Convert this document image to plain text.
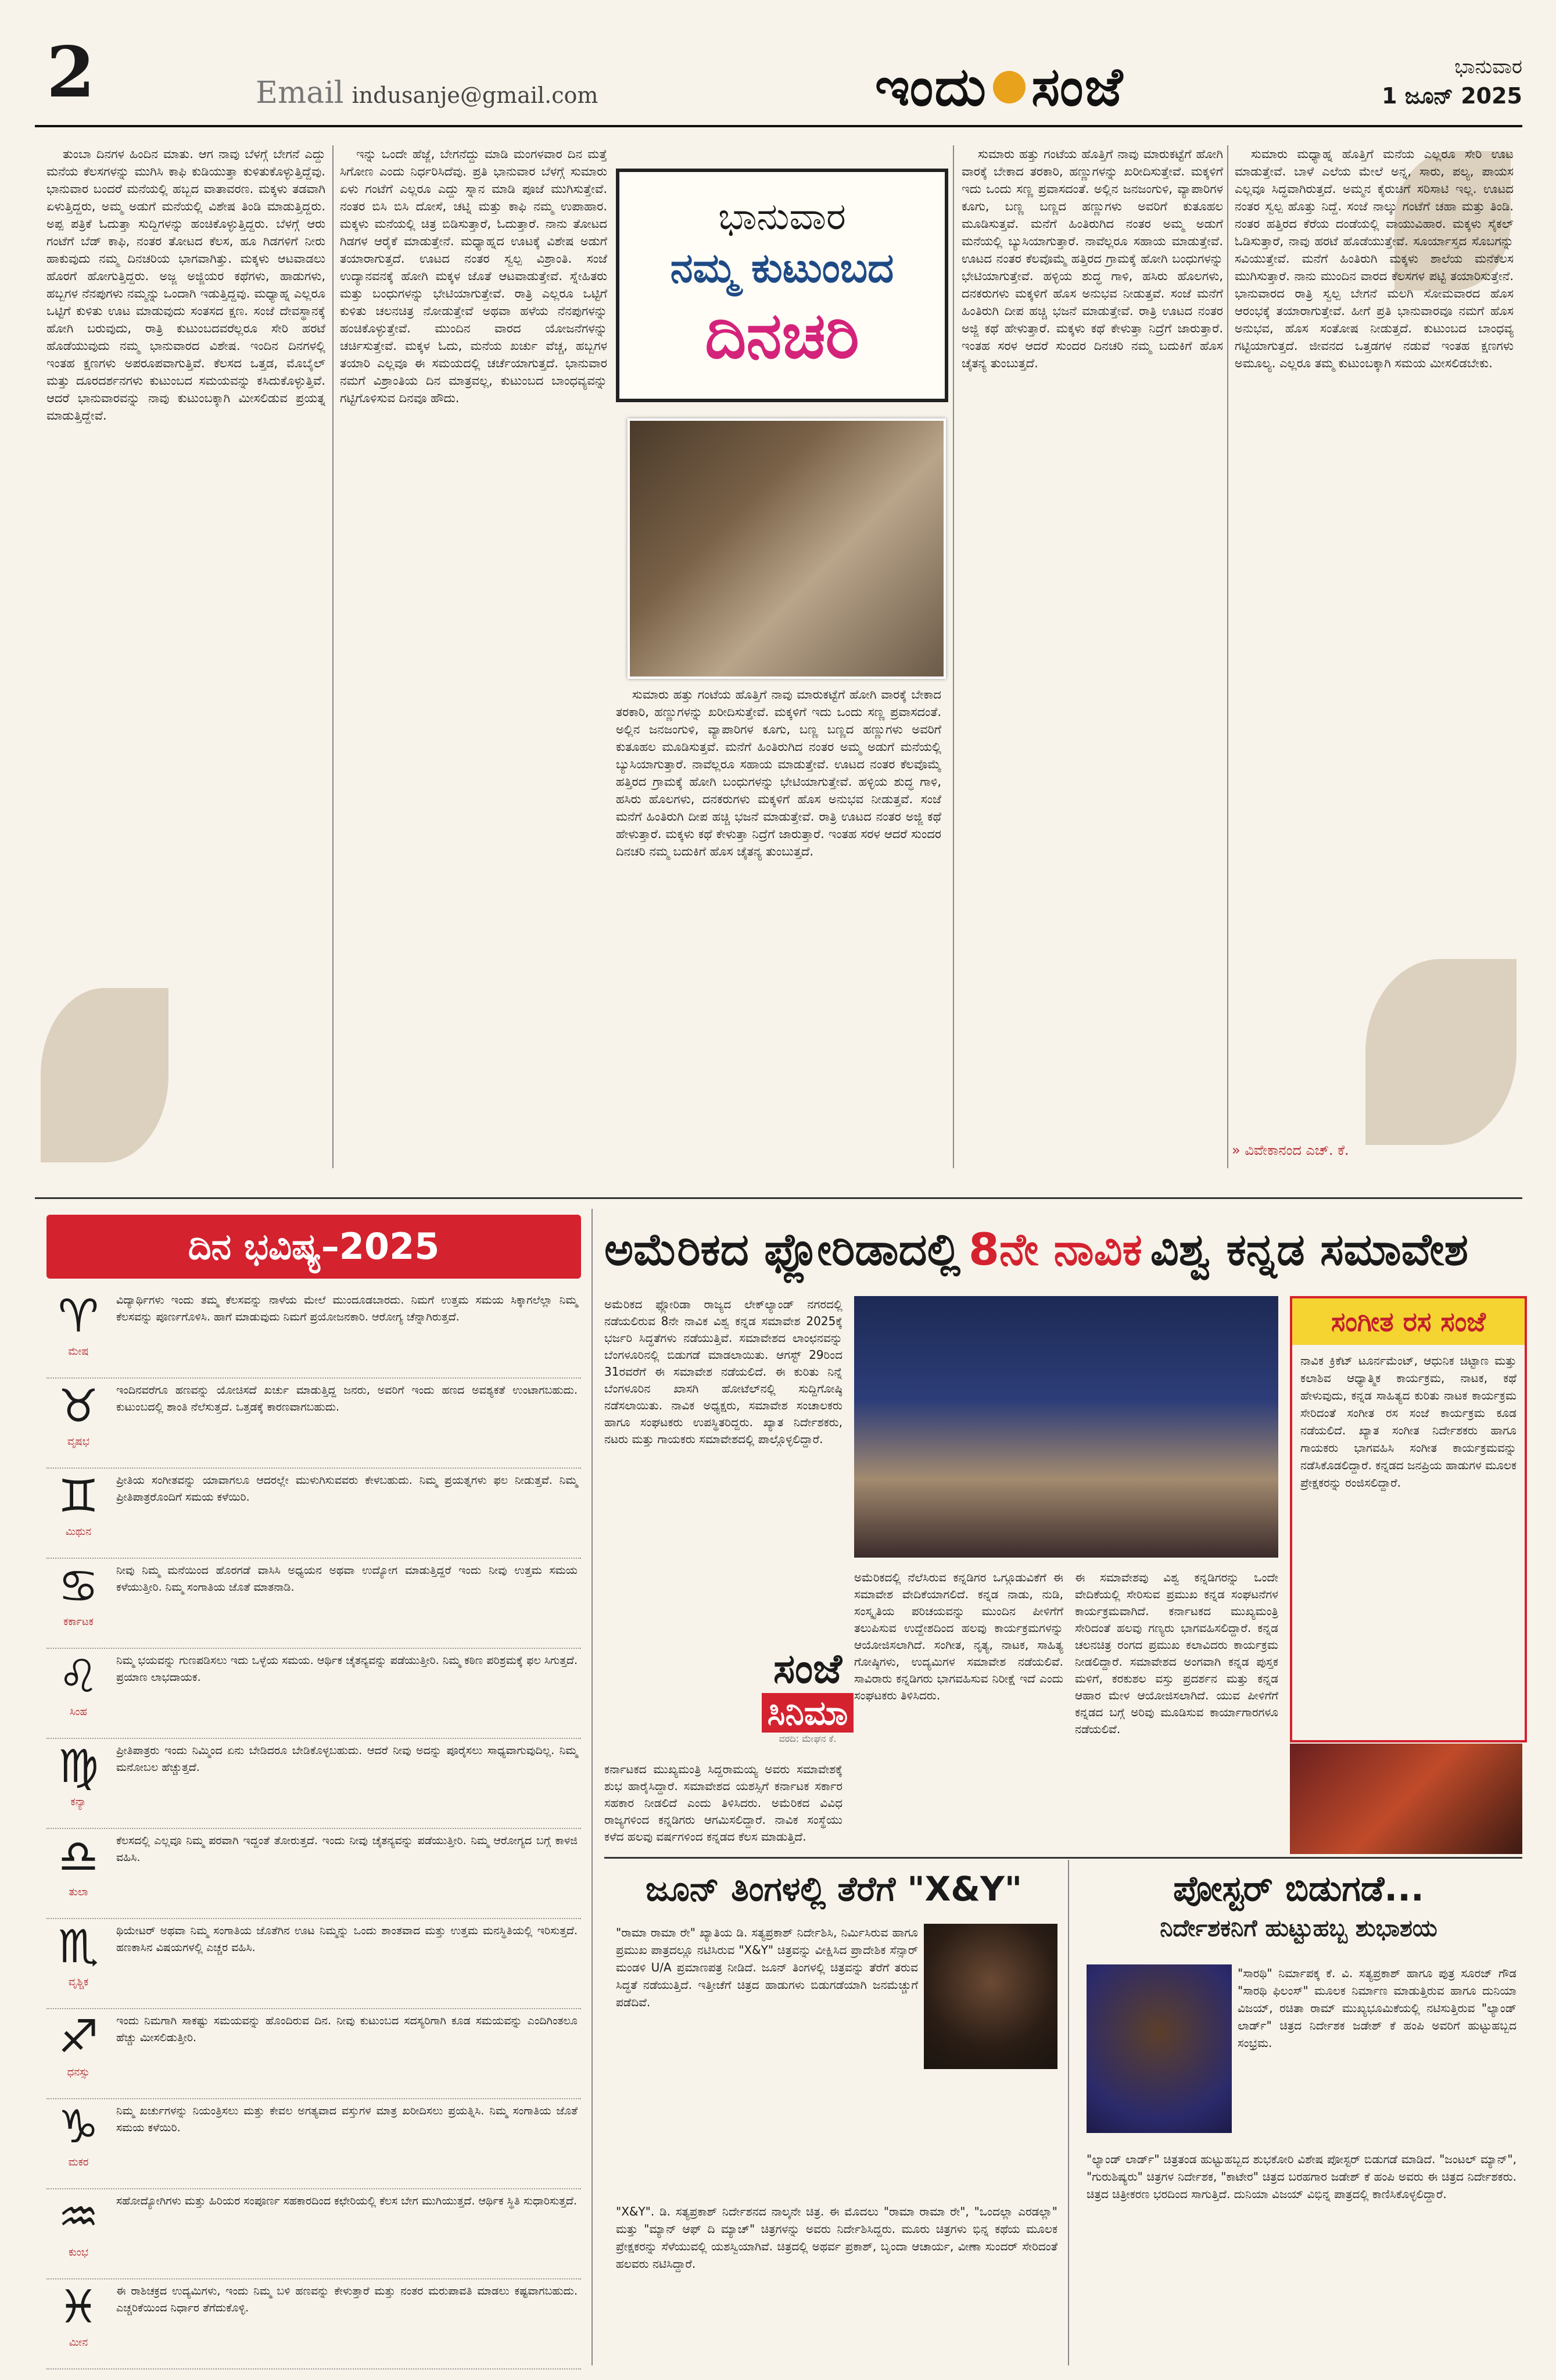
2	Email indusanje@gmail.com	ಇಂದು ಸಂಜೆ	ಭಾನುವಾರ
1 ಜೂನ್ 2025

ತುಂಬಾ ದಿನಗಳ ಹಿಂದಿನ ಮಾತು. ಆಗ ನಾವು ಬೆಳಗ್ಗೆ ಬೇಗನೆ ಎದ್ದು ಮನೆಯ ಕೆಲಸಗಳನ್ನು ಮುಗಿಸಿ ಕಾಫಿ ಕುಡಿಯುತ್ತಾ ಕುಳಿತುಕೊಳ್ಳುತ್ತಿದ್ದೆವು. ಭಾನುವಾರ ಬಂದರೆ ಮನೆಯಲ್ಲಿ ಹಬ್ಬದ ವಾತಾವರಣ. ಮಕ್ಕಳು ತಡವಾಗಿ ಏಳುತ್ತಿದ್ದರು, ಅಮ್ಮ ಅಡುಗೆ ಮನೆಯಲ್ಲಿ ವಿಶೇಷ ತಿಂಡಿ ಮಾಡುತ್ತಿದ್ದರು. ಅಪ್ಪ ಪತ್ರಿಕೆ ಓದುತ್ತಾ ಸುದ್ದಿಗಳನ್ನು ಹಂಚಿಕೊಳ್ಳುತ್ತಿದ್ದರು. ಬೆಳಗ್ಗೆ ಆರು ಗಂಟೆಗೆ ಬೆಡ್ ಕಾಫಿ, ನಂತರ ತೋಟದ ಕೆಲಸ, ಹೂ ಗಿಡಗಳಿಗೆ ನೀರು ಹಾಕುವುದು ನಮ್ಮ ದಿನಚರಿಯ ಭಾಗವಾಗಿತ್ತು. ಮಕ್ಕಳು ಆಟವಾಡಲು ಹೊರಗೆ ಹೋಗುತ್ತಿದ್ದರು. ಅಜ್ಜ ಅಜ್ಜಿಯರ ಕಥೆಗಳು, ಹಾಡುಗಳು, ಹಬ್ಬಗಳ ನೆನಪುಗಳು ನಮ್ಮನ್ನು ಒಂದಾಗಿ ಇಡುತ್ತಿದ್ದವು. ಮಧ್ಯಾಹ್ನ ಎಲ್ಲರೂ ಒಟ್ಟಿಗೆ ಕುಳಿತು ಊಟ ಮಾಡುವುದು ಸಂತಸದ ಕ್ಷಣ. ಸಂಜೆ ದೇವಸ್ಥಾನಕ್ಕೆ ಹೋಗಿ ಬರುವುದು, ರಾತ್ರಿ ಕುಟುಂಬದವರೆಲ್ಲರೂ ಸೇರಿ ಹರಟೆ ಹೊಡೆಯುವುದು ನಮ್ಮ ಭಾನುವಾರದ ವಿಶೇಷ. ಇಂದಿನ ದಿನಗಳಲ್ಲಿ ಇಂತಹ ಕ್ಷಣಗಳು ಅಪರೂಪವಾಗುತ್ತಿವೆ. ಕೆಲಸದ ಒತ್ತಡ, ಮೊಬೈಲ್ ಮತ್ತು ದೂರದರ್ಶನಗಳು ಕುಟುಂಬದ ಸಮಯವನ್ನು ಕಸಿದುಕೊಳ್ಳುತ್ತಿವೆ. ಆದರೆ ಭಾನುವಾರವನ್ನು ನಾವು ಕುಟುಂಬಕ್ಕಾಗಿ ಮೀಸಲಿಡುವ ಪ್ರಯತ್ನ ಮಾಡುತ್ತಿದ್ದೇವೆ.

ಇನ್ನು ಒಂದೇ ಹೆಜ್ಜೆ, ಬೇಗನೆದ್ದು ಮಾಡಿ ಮಂಗಳವಾರ ದಿನ ಮತ್ತೆ ಸಿಗೋಣ ಎಂದು ನಿರ್ಧರಿಸಿದೆವು. ಪ್ರತಿ ಭಾನುವಾರ ಬೆಳಗ್ಗೆ ಸುಮಾರು ಏಳು ಗಂಟೆಗೆ ಎಲ್ಲರೂ ಎದ್ದು ಸ್ನಾನ ಮಾಡಿ ಪೂಜೆ ಮುಗಿಸುತ್ತೇವೆ. ನಂತರ ಬಿಸಿ ಬಿಸಿ ದೋಸೆ, ಚಟ್ನಿ ಮತ್ತು ಕಾಫಿ ನಮ್ಮ ಉಪಾಹಾರ. ಮಕ್ಕಳು ಮನೆಯಲ್ಲಿ ಚಿತ್ರ ಬಿಡಿಸುತ್ತಾರೆ, ಓದುತ್ತಾರೆ. ನಾನು ತೋಟದ ಗಿಡಗಳ ಆರೈಕೆ ಮಾಡುತ್ತೇನೆ. ಮಧ್ಯಾಹ್ನದ ಊಟಕ್ಕೆ ವಿಶೇಷ ಅಡುಗೆ ತಯಾರಾಗುತ್ತದೆ. ಊಟದ ನಂತರ ಸ್ವಲ್ಪ ವಿಶ್ರಾಂತಿ. ಸಂಜೆ ಉದ್ಯಾನವನಕ್ಕೆ ಹೋಗಿ ಮಕ್ಕಳ ಜೊತೆ ಆಟವಾಡುತ್ತೇವೆ. ಸ್ನೇಹಿತರು ಮತ್ತು ಬಂಧುಗಳನ್ನು ಭೇಟಿಯಾಗುತ್ತೇವೆ. ರಾತ್ರಿ ಎಲ್ಲರೂ ಒಟ್ಟಿಗೆ ಕುಳಿತು ಚಲನಚಿತ್ರ ನೋಡುತ್ತೇವೆ ಅಥವಾ ಹಳೆಯ ನೆನಪುಗಳನ್ನು ಹಂಚಿಕೊಳ್ಳುತ್ತೇವೆ. ಮುಂದಿನ ವಾರದ ಯೋಜನೆಗಳನ್ನು ಚರ್ಚಿಸುತ್ತೇವೆ. ಮಕ್ಕಳ ಓದು, ಮನೆಯ ಖರ್ಚು ವೆಚ್ಚ, ಹಬ್ಬಗಳ ತಯಾರಿ ಎಲ್ಲವೂ ಈ ಸಮಯದಲ್ಲಿ ಚರ್ಚೆಯಾಗುತ್ತದೆ. ಭಾನುವಾರ ನಮಗೆ ವಿಶ್ರಾಂತಿಯ ದಿನ ಮಾತ್ರವಲ್ಲ, ಕುಟುಂಬದ ಬಾಂಧವ್ಯವನ್ನು ಗಟ್ಟಿಗೊಳಿಸುವ ದಿನವೂ ಹೌದು.

ಭಾನುವಾರ
ನಮ್ಮ ಕುಟುಂಬದ
ದಿನಚರಿ

ಸುಮಾರು ಹತ್ತು ಗಂಟೆಯ ಹೊತ್ತಿಗೆ ನಾವು ಮಾರುಕಟ್ಟೆಗೆ ಹೋಗಿ ವಾರಕ್ಕೆ ಬೇಕಾದ ತರಕಾರಿ, ಹಣ್ಣುಗಳನ್ನು ಖರೀದಿಸುತ್ತೇವೆ. ಮಕ್ಕಳಿಗೆ ಇದು ಒಂದು ಸಣ್ಣ ಪ್ರವಾಸದಂತೆ. ಅಲ್ಲಿನ ಜನಜಂಗುಳಿ, ವ್ಯಾಪಾರಿಗಳ ಕೂಗು, ಬಣ್ಣ ಬಣ್ಣದ ಹಣ್ಣುಗಳು ಅವರಿಗೆ ಕುತೂಹಲ ಮೂಡಿಸುತ್ತವೆ. ಮನೆಗೆ ಹಿಂತಿರುಗಿದ ನಂತರ ಅಮ್ಮ ಅಡುಗೆ ಮನೆಯಲ್ಲಿ ಬ್ಯುಸಿಯಾಗುತ್ತಾರೆ. ನಾವೆಲ್ಲರೂ ಸಹಾಯ ಮಾಡುತ್ತೇವೆ. ಊಟದ ನಂತರ ಕೆಲವೊಮ್ಮೆ ಹತ್ತಿರದ ಗ್ರಾಮಕ್ಕೆ ಹೋಗಿ ಬಂಧುಗಳನ್ನು ಭೇಟಿಯಾಗುತ್ತೇವೆ. ಹಳ್ಳಿಯ ಶುದ್ಧ ಗಾಳಿ, ಹಸಿರು ಹೊಲಗಳು, ದನಕರುಗಳು ಮಕ್ಕಳಿಗೆ ಹೊಸ ಅನುಭವ ನೀಡುತ್ತವೆ. ಸಂಜೆ ಮನೆಗೆ ಹಿಂತಿರುಗಿ ದೀಪ ಹಚ್ಚಿ ಭಜನೆ ಮಾಡುತ್ತೇವೆ. ರಾತ್ರಿ ಊಟದ ನಂತರ ಅಜ್ಜಿ ಕಥೆ ಹೇಳುತ್ತಾರೆ. ಮಕ್ಕಳು ಕಥೆ ಕೇಳುತ್ತಾ ನಿದ್ರೆಗೆ ಜಾರುತ್ತಾರೆ. ಇಂತಹ ಸರಳ ಆದರೆ ಸುಂದರ ದಿನಚರಿ ನಮ್ಮ ಬದುಕಿಗೆ ಹೊಸ ಚೈತನ್ಯ ತುಂಬುತ್ತದೆ.

ಸುಮಾರು ಹತ್ತು ಗಂಟೆಯ ಹೊತ್ತಿಗೆ ನಾವು ಮಾರುಕಟ್ಟೆಗೆ ಹೋಗಿ ವಾರಕ್ಕೆ ಬೇಕಾದ ತರಕಾರಿ, ಹಣ್ಣುಗಳನ್ನು ಖರೀದಿಸುತ್ತೇವೆ. ಮಕ್ಕಳಿಗೆ ಇದು ಒಂದು ಸಣ್ಣ ಪ್ರವಾಸದಂತೆ. ಅಲ್ಲಿನ ಜನಜಂಗುಳಿ, ವ್ಯಾಪಾರಿಗಳ ಕೂಗು, ಬಣ್ಣ ಬಣ್ಣದ ಹಣ್ಣುಗಳು ಅವರಿಗೆ ಕುತೂಹಲ ಮೂಡಿಸುತ್ತವೆ. ಮನೆಗೆ ಹಿಂತಿರುಗಿದ ನಂತರ ಅಮ್ಮ ಅಡುಗೆ ಮನೆಯಲ್ಲಿ ಬ್ಯುಸಿಯಾಗುತ್ತಾರೆ. ನಾವೆಲ್ಲರೂ ಸಹಾಯ ಮಾಡುತ್ತೇವೆ. ಊಟದ ನಂತರ ಕೆಲವೊಮ್ಮೆ ಹತ್ತಿರದ ಗ್ರಾಮಕ್ಕೆ ಹೋಗಿ ಬಂಧುಗಳನ್ನು ಭೇಟಿಯಾಗುತ್ತೇವೆ. ಹಳ್ಳಿಯ ಶುದ್ಧ ಗಾಳಿ, ಹಸಿರು ಹೊಲಗಳು, ದನಕರುಗಳು ಮಕ್ಕಳಿಗೆ ಹೊಸ ಅನುಭವ ನೀಡುತ್ತವೆ. ಸಂಜೆ ಮನೆಗೆ ಹಿಂತಿರುಗಿ ದೀಪ ಹಚ್ಚಿ ಭಜನೆ ಮಾಡುತ್ತೇವೆ. ರಾತ್ರಿ ಊಟದ ನಂತರ ಅಜ್ಜಿ ಕಥೆ ಹೇಳುತ್ತಾರೆ. ಮಕ್ಕಳು ಕಥೆ ಕೇಳುತ್ತಾ ನಿದ್ರೆಗೆ ಜಾರುತ್ತಾರೆ. ಇಂತಹ ಸರಳ ಆದರೆ ಸುಂದರ ದಿನಚರಿ ನಮ್ಮ ಬದುಕಿಗೆ ಹೊಸ ಚೈತನ್ಯ ತುಂಬುತ್ತದೆ.

ಸುಮಾರು ಮಧ್ಯಾಹ್ನ ಹೊತ್ತಿಗೆ ಮನೆಯ ಎಲ್ಲರೂ ಸೇರಿ ಊಟ ಮಾಡುತ್ತೇವೆ. ಬಾಳೆ ಎಲೆಯ ಮೇಲೆ ಅನ್ನ, ಸಾರು, ಪಲ್ಯ, ಪಾಯಸ ಎಲ್ಲವೂ ಸಿದ್ಧವಾಗಿರುತ್ತದೆ. ಅಮ್ಮನ ಕೈರುಚಿಗೆ ಸರಿಸಾಟಿ ಇಲ್ಲ. ಊಟದ ನಂತರ ಸ್ವಲ್ಪ ಹೊತ್ತು ನಿದ್ದೆ. ಸಂಜೆ ನಾಲ್ಕು ಗಂಟೆಗೆ ಚಹಾ ಮತ್ತು ತಿಂಡಿ. ನಂತರ ಹತ್ತಿರದ ಕೆರೆಯ ದಂಡೆಯಲ್ಲಿ ವಾಯುವಿಹಾರ. ಮಕ್ಕಳು ಸೈಕಲ್ ಓಡಿಸುತ್ತಾರೆ, ನಾವು ಹರಟೆ ಹೊಡೆಯುತ್ತೇವೆ. ಸೂರ್ಯಾಸ್ತದ ಸೊಬಗನ್ನು ಸವಿಯುತ್ತೇವೆ. ಮನೆಗೆ ಹಿಂತಿರುಗಿ ಮಕ್ಕಳು ಶಾಲೆಯ ಮನೆಕೆಲಸ ಮುಗಿಸುತ್ತಾರೆ. ನಾನು ಮುಂದಿನ ವಾರದ ಕೆಲಸಗಳ ಪಟ್ಟಿ ತಯಾರಿಸುತ್ತೇನೆ. ಭಾನುವಾರದ ರಾತ್ರಿ ಸ್ವಲ್ಪ ಬೇಗನೆ ಮಲಗಿ ಸೋಮವಾರದ ಹೊಸ ಆರಂಭಕ್ಕೆ ತಯಾರಾಗುತ್ತೇವೆ. ಹೀಗೆ ಪ್ರತಿ ಭಾನುವಾರವೂ ನಮಗೆ ಹೊಸ ಅನುಭವ, ಹೊಸ ಸಂತೋಷ ನೀಡುತ್ತದೆ. ಕುಟುಂಬದ ಬಾಂಧವ್ಯ ಗಟ್ಟಿಯಾಗುತ್ತದೆ. ಜೀವನದ ಒತ್ತಡಗಳ ನಡುವೆ ಇಂತಹ ಕ್ಷಣಗಳು ಅಮೂಲ್ಯ. ಎಲ್ಲರೂ ತಮ್ಮ ಕುಟುಂಬಕ್ಕಾಗಿ ಸಮಯ ಮೀಸಲಿಡಬೇಕು.

» ವಿವೇಕಾನಂದ ಎಚ್. ಕೆ.
ದಿನ ಭವಿಷ್ಯ–2025
♈
ಮೇಷ
ವಿದ್ಯಾರ್ಥಿಗಳು ಇಂದು ತಮ್ಮ ಕೆಲಸವನ್ನು ನಾಳೆಯ ಮೇಲೆ ಮುಂದೂಡಬಾರದು. ನಿಮಗೆ ಉತ್ತಮ ಸಮಯ ಸಿಕ್ಕಾಗಲೆಲ್ಲಾ ನಿಮ್ಮ ಕೆಲಸವನ್ನು ಪೂರ್ಣಗೊಳಿಸಿ. ಹಾಗೆ ಮಾಡುವುದು ನಿಮಗೆ ಪ್ರಯೋಜನಕಾರಿ. ಆರೋಗ್ಯ ಚೆನ್ನಾಗಿರುತ್ತದೆ.
♉
ವೃಷಭ
ಇಂದಿನವರೆಗೂ ಹಣವನ್ನು ಯೋಚಿಸದೆ ಖರ್ಚು ಮಾಡುತ್ತಿದ್ದ ಜನರು, ಅವರಿಗೆ ಇಂದು ಹಣದ ಅವಶ್ಯಕತೆ ಉಂಟಾಗಬಹುದು. ಕುಟುಂಬದಲ್ಲಿ ಶಾಂತಿ ನೆಲೆಸುತ್ತದೆ. ಒತ್ತಡಕ್ಕೆ ಕಾರಣವಾಗಬಹುದು.
♊
ಮಿಥುನ
ಪ್ರೀತಿಯ ಸಂಗೀತವನ್ನು ಯಾವಾಗಲೂ ಆದರಲ್ಲೇ ಮುಳುಗಿಸುವವರು ಕೇಳಬಹುದು. ನಿಮ್ಮ ಪ್ರಯತ್ನಗಳು ಫಲ ನೀಡುತ್ತವೆ. ನಿಮ್ಮ ಪ್ರೀತಿಪಾತ್ರರೊಂದಿಗೆ ಸಮಯ ಕಳೆಯಿರಿ.
♋
ಕರ್ಕಾಟಕ
ನೀವು ನಿಮ್ಮ ಮನೆಯಿಂದ ಹೊರಗಡೆ ವಾಸಿಸಿ ಅಧ್ಯಯನ ಅಥವಾ ಉದ್ಯೋಗ ಮಾಡುತ್ತಿದ್ದರೆ ಇಂದು ನೀವು ಉತ್ತಮ ಸಮಯ ಕಳೆಯುತ್ತೀರಿ. ನಿಮ್ಮ ಸಂಗಾತಿಯ ಜೊತೆ ಮಾತನಾಡಿ.
♌
ಸಿಂಹ
ನಿಮ್ಮ ಭಯವನ್ನು ಗುಣಪಡಿಸಲು ಇದು ಒಳ್ಳೆಯ ಸಮಯ. ಆರ್ಥಿಕ ಚೈತನ್ಯವನ್ನು ಪಡೆಯುತ್ತೀರಿ. ನಿಮ್ಮ ಕಠಿಣ ಪರಿಶ್ರಮಕ್ಕೆ ಫಲ ಸಿಗುತ್ತದೆ. ಪ್ರಯಾಣ ಲಾಭದಾಯಕ.
♍
ಕನ್ಯಾ
ಪ್ರೀತಿಪಾತ್ರರು ಇಂದು ನಿಮ್ಮಿಂದ ಏನು ಬೇಡಿದರೂ ಬೇಡಿಕೊಳ್ಳಬಹುದು. ಆದರೆ ನೀವು ಅದನ್ನು ಪೂರೈಸಲು ಸಾಧ್ಯವಾಗುವುದಿಲ್ಲ. ನಿಮ್ಮ ಮನೋಬಲ ಹೆಚ್ಚುತ್ತದೆ.
♎
ತುಲಾ
ಕೆಲಸದಲ್ಲಿ ಎಲ್ಲವೂ ನಿಮ್ಮ ಪರವಾಗಿ ಇದ್ದಂತೆ ತೋರುತ್ತದೆ. ಇಂದು ನೀವು ಚೈತನ್ಯವನ್ನು ಪಡೆಯುತ್ತೀರಿ. ನಿಮ್ಮ ಆರೋಗ್ಯದ ಬಗ್ಗೆ ಕಾಳಜಿ ವಹಿಸಿ.
♏
ವೃಶ್ಚಿಕ
ಥಿಯೇಟರ್ ಅಥವಾ ನಿಮ್ಮ ಸಂಗಾತಿಯ ಜೊತೆಗಿನ ಊಟ ನಿಮ್ಮನ್ನು ಒಂದು ಶಾಂತವಾದ ಮತ್ತು ಉತ್ತಮ ಮನಸ್ಥಿತಿಯಲ್ಲಿ ಇರಿಸುತ್ತದೆ. ಹಣಕಾಸಿನ ವಿಷಯಗಳಲ್ಲಿ ಎಚ್ಚರ ವಹಿಸಿ.
♐
ಧನಸ್ಸು
ಇಂದು ನಿಮಗಾಗಿ ಸಾಕಷ್ಟು ಸಮಯವನ್ನು ಹೊಂದಿರುವ ದಿನ. ನೀವು ಕುಟುಂಬದ ಸದಸ್ಯರಿಗಾಗಿ ಕೂಡ ಸಮಯವನ್ನು ಎಂದಿಗಿಂತಲೂ ಹೆಚ್ಚು ಮೀಸಲಿಡುತ್ತೀರಿ.
♑
ಮಕರ
ನಿಮ್ಮ ಖರ್ಚುಗಳನ್ನು ನಿಯಂತ್ರಿಸಲು ಮತ್ತು ಕೇವಲ ಅಗತ್ಯವಾದ ವಸ್ತುಗಳ ಮಾತ್ರ ಖರೀದಿಸಲು ಪ್ರಯತ್ನಿಸಿ. ನಿಮ್ಮ ಸಂಗಾತಿಯ ಜೊತೆ ಸಮಯ ಕಳೆಯಿರಿ.
♒
ಕುಂಭ
ಸಹೋದ್ಯೋಗಿಗಳು ಮತ್ತು ಹಿರಿಯರ ಸಂಪೂರ್ಣ ಸಹಕಾರದಿಂದ ಕಛೇರಿಯಲ್ಲಿ ಕೆಲಸ ಬೇಗ ಮುಗಿಯುತ್ತದೆ. ಆರ್ಥಿಕ ಸ್ಥಿತಿ ಸುಧಾರಿಸುತ್ತದೆ.
♓
ಮೀನ
ಈ ರಾಶಿಚಕ್ರದ ಉದ್ಯಮಿಗಳು, ಇಂದು ನಿಮ್ಮ ಬಳಿ ಹಣವನ್ನು ಕೇಳುತ್ತಾರೆ ಮತ್ತು ನಂತರ ಮರುಪಾವತಿ ಮಾಡಲು ಕಷ್ಟವಾಗಬಹುದು. ಎಚ್ಚರಿಕೆಯಿಂದ ನಿರ್ಧಾರ ತೆಗೆದುಕೊಳ್ಳಿ.
ಅಮೆರಿಕದ ಫ್ಲೋರಿಡಾದಲ್ಲಿ 8ನೇ ನಾವಿಕ ವಿಶ್ವ ಕನ್ನಡ ಸಮಾವೇಶ
ಅಮೆರಿಕದ ಫ್ಲೋರಿಡಾ ರಾಜ್ಯದ ಲೇಕ್‌ಲ್ಯಾಂಡ್ ನಗರದಲ್ಲಿ ನಡೆಯಲಿರುವ 8ನೇ ನಾವಿಕ ವಿಶ್ವ ಕನ್ನಡ ಸಮಾವೇಶ 2025ಕ್ಕೆ ಭರ್ಜರಿ ಸಿದ್ಧತೆಗಳು ನಡೆಯುತ್ತಿವೆ. ಸಮಾವೇಶದ ಲಾಂಛನವನ್ನು ಬೆಂಗಳೂರಿನಲ್ಲಿ ಬಿಡುಗಡೆ ಮಾಡಲಾಯಿತು. ಆಗಸ್ಟ್ 29ರಿಂದ 31ರವರೆಗೆ ಈ ಸಮಾವೇಶ ನಡೆಯಲಿದೆ. ಈ ಕುರಿತು ನಿನ್ನೆ ಬೆಂಗಳೂರಿನ ಖಾಸಗಿ ಹೋಟೆಲ್‌ನಲ್ಲಿ ಸುದ್ದಿಗೋಷ್ಠಿ ನಡೆಸಲಾಯಿತು. ನಾವಿಕ ಅಧ್ಯಕ್ಷರು, ಸಮಾವೇಶ ಸಂಚಾಲಕರು ಹಾಗೂ ಸಂಘಟಕರು ಉಪಸ್ಥಿತರಿದ್ದರು. ಖ್ಯಾತ ನಿರ್ದೇಶಕರು, ನಟರು ಮತ್ತು ಗಾಯಕರು ಸಮಾವೇಶದಲ್ಲಿ ಪಾಲ್ಗೊಳ್ಳಲಿದ್ದಾರೆ.
ಅಮೆರಿಕದಲ್ಲಿ ನೆಲೆಸಿರುವ ಕನ್ನಡಿಗರ ಒಗ್ಗೂಡುವಿಕೆಗೆ ಈ ಸಮಾವೇಶ ವೇದಿಕೆಯಾಗಲಿದೆ. ಕನ್ನಡ ನಾಡು, ನುಡಿ, ಸಂಸ್ಕೃತಿಯ ಪರಿಚಯವನ್ನು ಮುಂದಿನ ಪೀಳಿಗೆಗೆ ತಲುಪಿಸುವ ಉದ್ದೇಶದಿಂದ ಹಲವು ಕಾರ್ಯಕ್ರಮಗಳನ್ನು ಆಯೋಜಿಸಲಾಗಿದೆ. ಸಂಗೀತ, ನೃತ್ಯ, ನಾಟಕ, ಸಾಹಿತ್ಯ ಗೋಷ್ಠಿಗಳು, ಉದ್ಯಮಿಗಳ ಸಮಾವೇಶ ನಡೆಯಲಿವೆ. ಸಾವಿರಾರು ಕನ್ನಡಿಗರು ಭಾಗವಹಿಸುವ ನಿರೀಕ್ಷೆ ಇದೆ ಎಂದು ಸಂಘಟಕರು ತಿಳಿಸಿದರು.
ಈ ಸಮಾವೇಶವು ವಿಶ್ವ ಕನ್ನಡಿಗರನ್ನು ಒಂದೇ ವೇದಿಕೆಯಲ್ಲಿ ಸೇರಿಸುವ ಪ್ರಮುಖ ಕನ್ನಡ ಸಂಘಟನೆಗಳ ಕಾರ್ಯಕ್ರಮವಾಗಿದೆ. ಕರ್ನಾಟಕದ ಮುಖ್ಯಮಂತ್ರಿ ಸೇರಿದಂತೆ ಹಲವು ಗಣ್ಯರು ಭಾಗವಹಿಸಲಿದ್ದಾರೆ. ಕನ್ನಡ ಚಲನಚಿತ್ರ ರಂಗದ ಪ್ರಮುಖ ಕಲಾವಿದರು ಕಾರ್ಯಕ್ರಮ ನೀಡಲಿದ್ದಾರೆ. ಸಮಾವೇಶದ ಅಂಗವಾಗಿ ಕನ್ನಡ ಪುಸ್ತಕ ಮಳಿಗೆ, ಕರಕುಶಲ ವಸ್ತು ಪ್ರದರ್ಶನ ಮತ್ತು ಕನ್ನಡ ಆಹಾರ ಮೇಳ ಆಯೋಜಿಸಲಾಗಿದೆ. ಯುವ ಪೀಳಿಗೆಗೆ ಕನ್ನಡದ ಬಗ್ಗೆ ಅರಿವು ಮೂಡಿಸುವ ಕಾರ್ಯಾಗಾರಗಳೂ ನಡೆಯಲಿವೆ.
ಸಂಜೆ
ಸಿನಿಮಾ
ವರದಿ: ಮೇಘನ ಕೆ.
ಕರ್ನಾಟಕದ ಮುಖ್ಯಮಂತ್ರಿ ಸಿದ್ದರಾಮಯ್ಯ ಅವರು ಸಮಾವೇಶಕ್ಕೆ ಶುಭ ಹಾರೈಸಿದ್ದಾರೆ. ಸಮಾವೇಶದ ಯಶಸ್ಸಿಗೆ ಕರ್ನಾಟಕ ಸರ್ಕಾರ ಸಹಕಾರ ನೀಡಲಿದೆ ಎಂದು ತಿಳಿಸಿದರು. ಅಮೆರಿಕದ ವಿವಿಧ ರಾಜ್ಯಗಳಿಂದ ಕನ್ನಡಿಗರು ಆಗಮಿಸಲಿದ್ದಾರೆ. ನಾವಿಕ ಸಂಸ್ಥೆಯು ಕಳೆದ ಹಲವು ವರ್ಷಗಳಿಂದ ಕನ್ನಡದ ಕೆಲಸ ಮಾಡುತ್ತಿದೆ.
ಸಂಗೀತ ರಸ ಸಂಜೆ
ನಾವಿಕ ಕ್ರಿಕೆಟ್ ಟೂರ್ನಮೆಂಟ್, ಆಧುನಿಕ ಚಿಟ್ಟಾಣ ಮತ್ತು ಕಲಾಶಿವ ಆಧ್ಯಾತ್ಮಿಕ ಕಾರ್ಯಕ್ರಮ, ನಾಟಕ, ಕಥೆ ಹೇಳುವುದು, ಕನ್ನಡ ಸಾಹಿತ್ಯದ ಕುರಿತು ನಾಟಕ ಕಾರ್ಯಕ್ರಮ ಸೇರಿದಂತೆ ಸಂಗೀತ ರಸ ಸಂಜೆ ಕಾರ್ಯಕ್ರಮ ಕೂಡ ನಡೆಯಲಿದೆ. ಖ್ಯಾತ ಸಂಗೀತ ನಿರ್ದೇಶಕರು ಹಾಗೂ ಗಾಯಕರು ಭಾಗವಹಿಸಿ ಸಂಗೀತ ಕಾರ್ಯಕ್ರಮವನ್ನು ನಡೆಸಿಕೊಡಲಿದ್ದಾರೆ. ಕನ್ನಡದ ಜನಪ್ರಿಯ ಹಾಡುಗಳ ಮೂಲಕ ಪ್ರೇಕ್ಷಕರನ್ನು ರಂಜಿಸಲಿದ್ದಾರೆ.
ಜೂನ್ ತಿಂಗಳಲ್ಲಿ ತೆರೆಗೆ "X&Y"
"ರಾಮಾ ರಾಮಾ ರೇ" ಖ್ಯಾತಿಯ ಡಿ. ಸತ್ಯಪ್ರಕಾಶ್ ನಿರ್ದೇಶಿಸಿ, ನಿರ್ಮಿಸಿರುವ ಹಾಗೂ ಪ್ರಮುಖ ಪಾತ್ರದಲ್ಲೂ ನಟಿಸಿರುವ "X&Y" ಚಿತ್ರವನ್ನು ವೀಕ್ಷಿಸಿದ ಪ್ರಾದೇಶಿಕ ಸೆನ್ಸಾರ್ ಮಂಡಳಿ U/A ಪ್ರಮಾಣಪತ್ರ ನೀಡಿದೆ. ಜೂನ್ ತಿಂಗಳಲ್ಲಿ ಚಿತ್ರವನ್ನು ತೆರೆಗೆ ತರುವ ಸಿದ್ಧತೆ ನಡೆಯುತ್ತಿದೆ. ಇತ್ತೀಚೆಗೆ ಚಿತ್ರದ ಹಾಡುಗಳು ಬಿಡುಗಡೆಯಾಗಿ ಜನಮೆಚ್ಚುಗೆ ಪಡೆದಿವೆ.
"X&Y". ಡಿ. ಸತ್ಯಪ್ರಕಾಶ್ ನಿರ್ದೇಶನದ ನಾಲ್ಕನೇ ಚಿತ್ರ. ಈ ಮೊದಲು "ರಾಮಾ ರಾಮಾ ರೇ", "ಒಂದಲ್ಲಾ ಎರಡಲ್ಲಾ" ಮತ್ತು "ಮ್ಯಾನ್ ಆಫ್ ದಿ ಮ್ಯಾಚ್" ಚಿತ್ರಗಳನ್ನು ಅವರು ನಿರ್ದೇಶಿಸಿದ್ದರು. ಮೂರು ಚಿತ್ರಗಳು ಭಿನ್ನ ಕಥೆಯ ಮೂಲಕ ಪ್ರೇಕ್ಷಕರನ್ನು ಸೆಳೆಯುವಲ್ಲಿ ಯಶಸ್ವಿಯಾಗಿವೆ. ಚಿತ್ರದಲ್ಲಿ ಅಥರ್ವ ಪ್ರಕಾಶ್, ಬೃಂದಾ ಆಚಾರ್ಯ, ವೀಣಾ ಸುಂದರ್ ಸೇರಿದಂತೆ ಹಲವರು ನಟಿಸಿದ್ದಾರೆ.
ಪೋಸ್ಟರ್ ಬಿಡುಗಡೆ...
ನಿರ್ದೇಶಕನಿಗೆ ಹುಟ್ಟುಹಬ್ಬ ಶುಭಾಶಯ
"ಸಾರಥಿ" ನಿರ್ಮಾಪಕ್ಕ ಕೆ. ವಿ. ಸತ್ಯಪ್ರಕಾಶ್ ಹಾಗೂ ಪುತ್ರ ಸೂರಜ್ ಗೌಡ "ಸಾರಥಿ ಫಿಲಂಸ್" ಮೂಲಕ ನಿರ್ಮಾಣ ಮಾಡುತ್ತಿರುವ ಹಾಗೂ ದುನಿಯಾ ವಿಜಯ್, ರಚಿತಾ ರಾಮ್ ಮುಖ್ಯಭೂಮಿಕೆಯಲ್ಲಿ ನಟಿಸುತ್ತಿರುವ "ಲ್ಯಾಂಡ್ ಲಾರ್ಡ್" ಚಿತ್ರದ ನಿರ್ದೇಶಕ ಜಡೇಶ್ ಕೆ ಹಂಪಿ ಅವರಿಗೆ ಹುಟ್ಟುಹಬ್ಬದ ಸಂಭ್ರಮ.
"ಲ್ಯಾಂಡ್ ಲಾರ್ಡ್" ಚಿತ್ರತಂಡ ಹುಟ್ಟುಹಬ್ಬದ ಶುಭಕೋರಿ ವಿಶೇಷ ಪೋಸ್ಟರ್ ಬಿಡುಗಡೆ ಮಾಡಿದೆ. "ಜಂಟಲ್ ಮ್ಯಾನ್", "ಗುರುಶಿಷ್ಯರು" ಚಿತ್ರಗಳ ನಿರ್ದೇಶಕ, "ಕಾಟೇರ" ಚಿತ್ರದ ಬರಹಗಾರ ಜಡೇಶ್ ಕೆ ಹಂಪಿ ಅವರು ಈ ಚಿತ್ರದ ನಿರ್ದೇಶಕರು. ಚಿತ್ರದ ಚಿತ್ರೀಕರಣ ಭರದಿಂದ ಸಾಗುತ್ತಿದೆ. ದುನಿಯಾ ವಿಜಯ್ ವಿಭಿನ್ನ ಪಾತ್ರದಲ್ಲಿ ಕಾಣಿಸಿಕೊಳ್ಳಲಿದ್ದಾರೆ.
